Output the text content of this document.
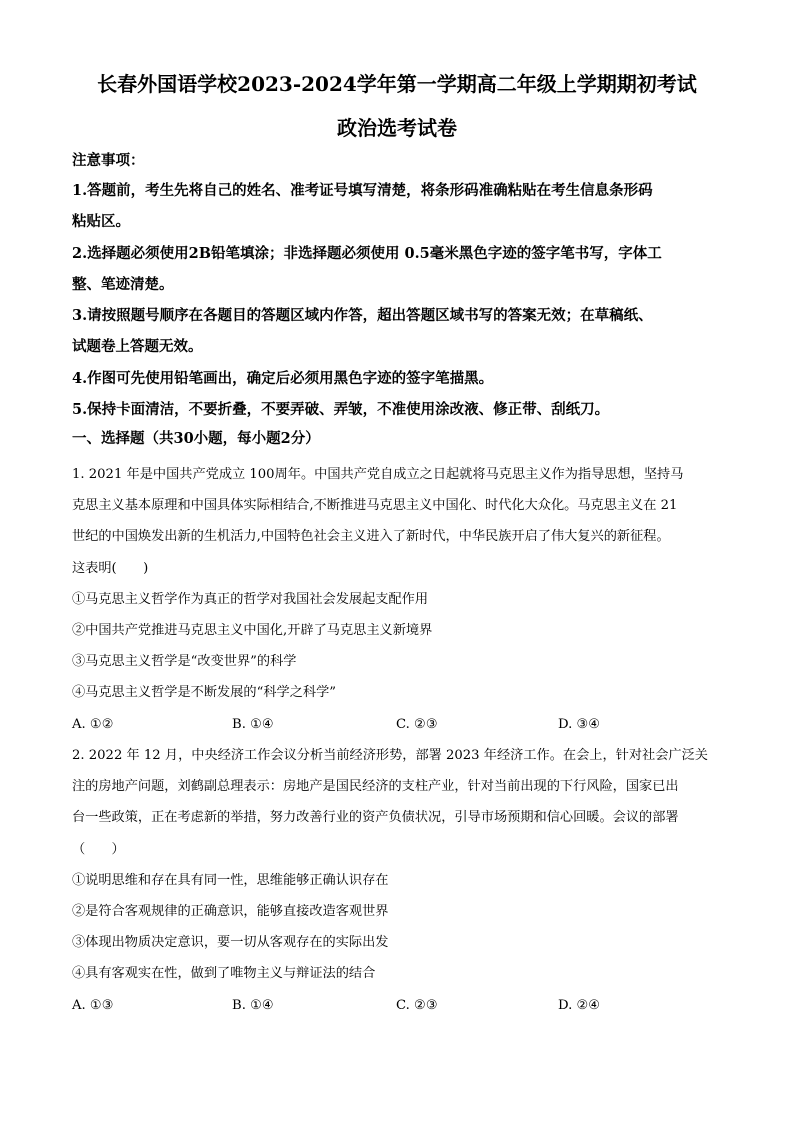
长春外国语学校2023-2024学年第一学期高二年级上学期期初考试
政治选考试卷
注意事项：
1.答题前，考生先将自己的姓名、准考证号填写清楚，将条形码准确粘贴在考生信息条形码
粘贴区。
2.选择题必须使用2B铅笔填涂；非选择题必须使用 0.5毫米黑色字迹的签字笔书写，字体工
整、笔迹清楚。
3.请按照题号顺序在各题目的答题区域内作答，超出答题区域书写的答案无效；在草稿纸、
试题卷上答题无效。
4.作图可先使用铅笔画出，确定后必须用黑色字迹的签字笔描黑。
5.保持卡面清洁，不要折叠，不要弄破、弄皱，不准使用涂改液、修正带、刮纸刀。
一、选择题（共30小题，每小题2分）
1. 2021 年是中国共产党成立 100周年。中国共产党自成立之日起就将马克思主义作为指导思想，坚持马
克思主义基本原理和中国具体实际相结合,不断推进马克思主义中国化、时代化大众化。马克思主义在 21
世纪的中国焕发出新的生机活力,中国特色社会主义进入了新时代，中华民族开启了伟大复兴的新征程。
这表明(　　)
①马克思主义哲学作为真正的哲学对我国社会发展起支配作用
②中国共产党推进马克思主义中国化,开辟了马克思主义新境界
③马克思主义哲学是“改变世界”的科学
④马克思主义哲学是不断发展的“科学之科学”
A. ①②	B. ①④	C. ②③	D. ③④
2. 2022 年 12 月，中央经济工作会议分析当前经济形势，部署 2023 年经济工作。在会上，针对社会广泛关
注的房地产问题，刘鹤副总理表示：房地产是国民经济的支柱产业，针对当前出现的下行风险，国家已出
台一些政策，正在考虑新的举措，努力改善行业的资产负债状况，引导市场预期和信心回暖。会议的部署
（　　）
①说明思维和存在具有同一性，思维能够正确认识存在
②是符合客观规律的正确意识，能够直接改造客观世界
③体现出物质决定意识，要一切从客观存在的实际出发
④具有客观实在性，做到了唯物主义与辩证法的结合
A. ①③	B. ①④	C. ②③	D. ②④
